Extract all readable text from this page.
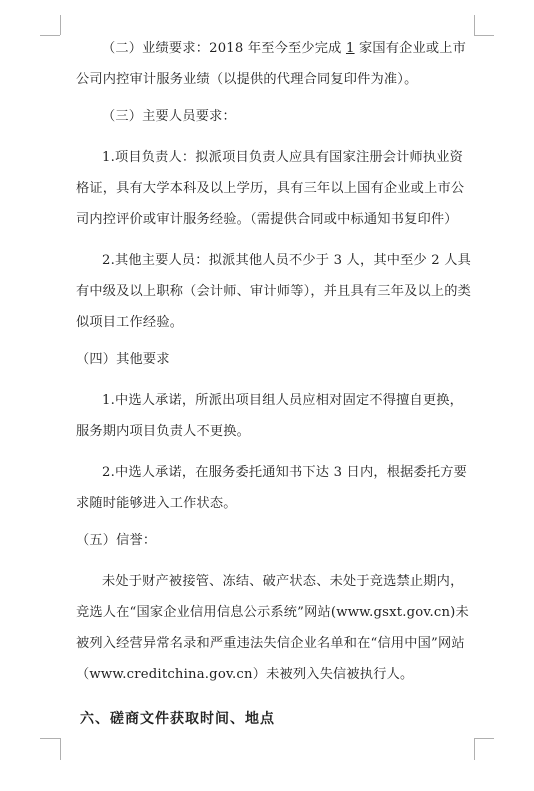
（二）业绩要求：2018 年至今至少完成 1 家国有企业或上市公司内控审计服务业绩（以提供的代理合同复印件为准）。

（三）主要人员要求：

1.项目负责人：拟派项目负责人应具有国家注册会计师执业资格证，具有大学本科及以上学历，具有三年以上国有企业或上市公司内控评价或审计服务经验。（需提供合同或中标通知书复印件）

2.其他主要人员：拟派其他人员不少于 3 人，其中至少 2 人具有中级及以上职称（会计师、审计师等），并且具有三年及以上的类似项目工作经验。

（四）其他要求

1.中选人承诺，所派出项目组人员应相对固定不得擅自更换，服务期内项目负责人不更换。

2.中选人承诺，在服务委托通知书下达 3 日内，根据委托方要求随时能够进入工作状态。

（五）信誉：

未处于财产被接管、冻结、破产状态、未处于竞选禁止期内，竞选人在“国家企业信用信息公示系统”网站(www.gsxt.gov.cn)未被列入经营异常名录和严重违法失信企业名单和在“信用中国”网站（www.creditchina.gov.cn）未被列入失信被执行人。

六、磋商文件获取时间、地点
